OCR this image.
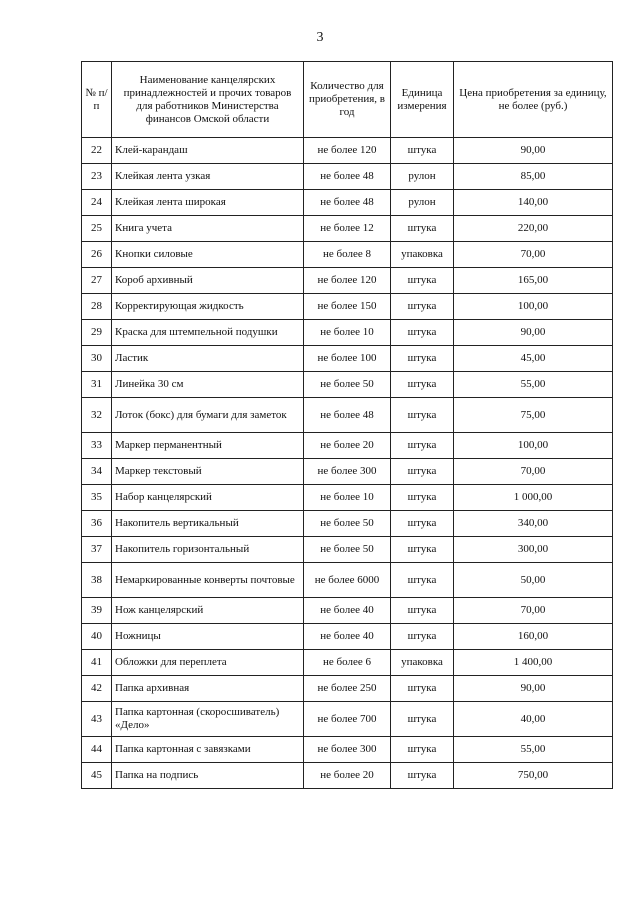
3
№ п/п	Наименование канцелярских принадлежностей и прочих товаров для работников Министерства финансов Омской области	Количество для приобретения, в год	Единица измерения	Цена приобретения за единицу, не более (руб.)
22	Клей-карандаш	не более 120	штука	90,00
23	Клейкая лента узкая	не более 48	рулон	85,00
24	Клейкая лента широкая	не более 48	рулон	140,00
25	Книга учета	не более 12	штука	220,00
26	Кнопки силовые	не более 8	упаковка	70,00
27	Короб архивный	не более 120	штука	165,00
28	Корректирующая жидкость	не более 150	штука	100,00
29	Краска для штемпельной подушки	не более 10	штука	90,00
30	Ластик	не более 100	штука	45,00
31	Линейка 30 см	не более 50	штука	55,00
32	Лоток (бокс) для бумаги для заметок	не более 48	штука	75,00
33	Маркер перманентный	не более 20	штука	100,00
34	Маркер текстовый	не более 300	штука	70,00
35	Набор канцелярский	не более 10	штука	1 000,00
36	Накопитель вертикальный	не более 50	штука	340,00
37	Накопитель горизонтальный	не более 50	штука	300,00
38	Немаркированные конверты почтовые	не более 6000	штука	50,00
39	Нож канцелярский	не более 40	штука	70,00
40	Ножницы	не более 40	штука	160,00
41	Обложки для переплета	не более 6	упаковка	1 400,00
42	Папка архивная	не более 250	штука	90,00
43	Папка картонная (скоросшиватель) «Дело»	не более 700	штука	40,00
44	Папка картонная с завязками	не более 300	штука	55,00
45	Папка на подпись	не более 20	штука	750,00
